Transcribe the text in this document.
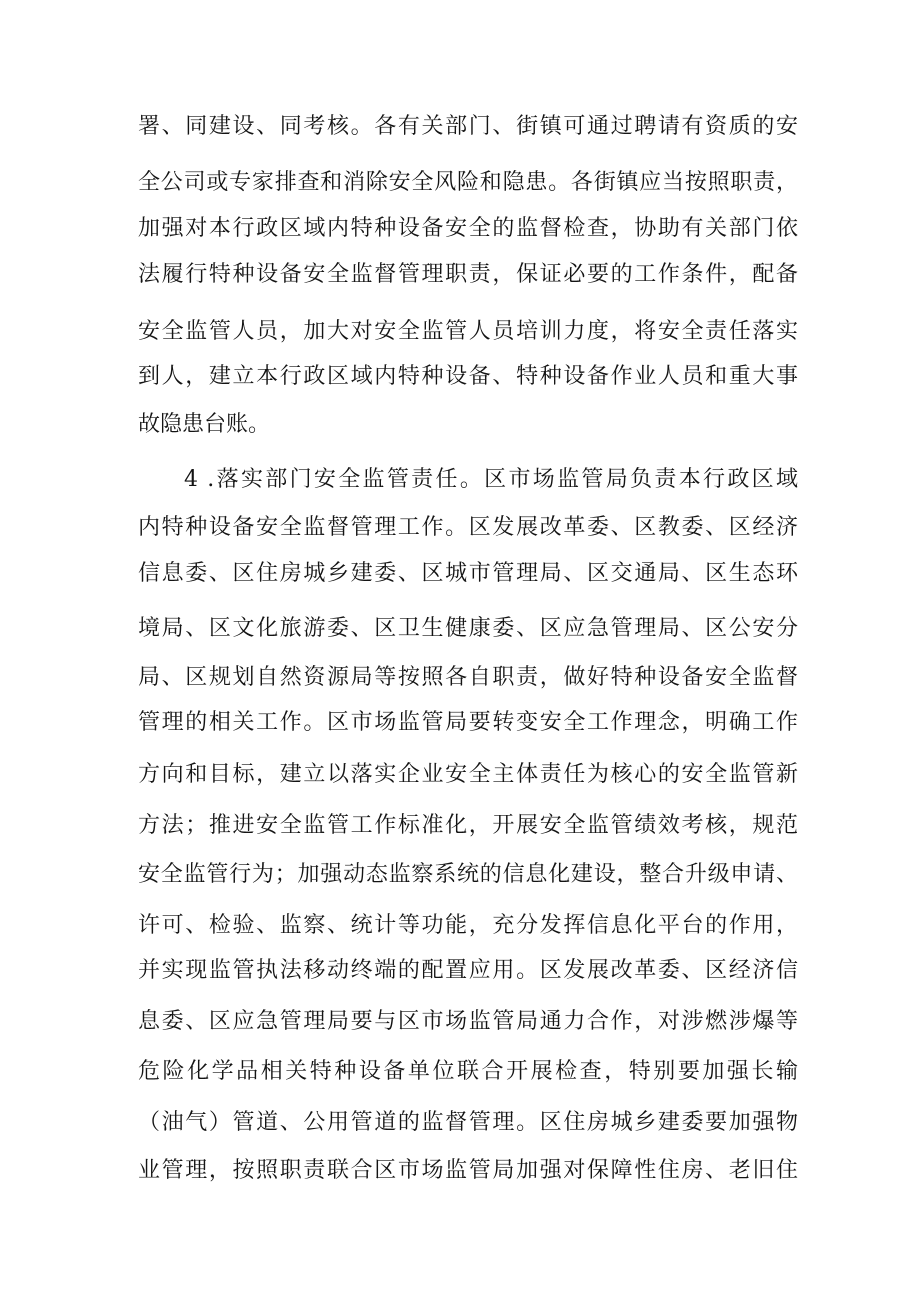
署、同建设、同考核。各有关部门、街镇可通过聘请有资质的安
全公司或专家排查和消除安全风险和隐患。各街镇应当按照职责，
加强对本行政区域内特种设备安全的监督检查，协助有关部门依
法履行特种设备安全监督管理职责，保证必要的工作条件，配备
安全监管人员，加大对安全监管人员培训力度，将安全责任落实
到人，建立本行政区域内特种设备、特种设备作业人员和重大事
故隐患台账。
4 .落实部门安全监管责任。区市场监管局负责本行政区域
内特种设备安全监督管理工作。区发展改革委、区教委、区经济
信息委、区住房城乡建委、区城市管理局、区交通局、区生态环
境局、区文化旅游委、区卫生健康委、区应急管理局、区公安分
局、区规划自然资源局等按照各自职责，做好特种设备安全监督
管理的相关工作。区市场监管局要转变安全工作理念，明确工作
方向和目标，建立以落实企业安全主体责任为核心的安全监管新
方法；推进安全监管工作标准化，开展安全监管绩效考核，规范
安全监管行为；加强动态监察系统的信息化建设，整合升级申请、
许可、检验、监察、统计等功能，充分发挥信息化平台的作用，
并实现监管执法移动终端的配置应用。区发展改革委、区经济信
息委、区应急管理局要与区市场监管局通力合作，对涉燃涉爆等
危险化学品相关特种设备单位联合开展检查，特别要加强长输
（油气）管道、公用管道的监督管理。区住房城乡建委要加强物
业管理，按照职责联合区市场监管局加强对保障性住房、老旧住
